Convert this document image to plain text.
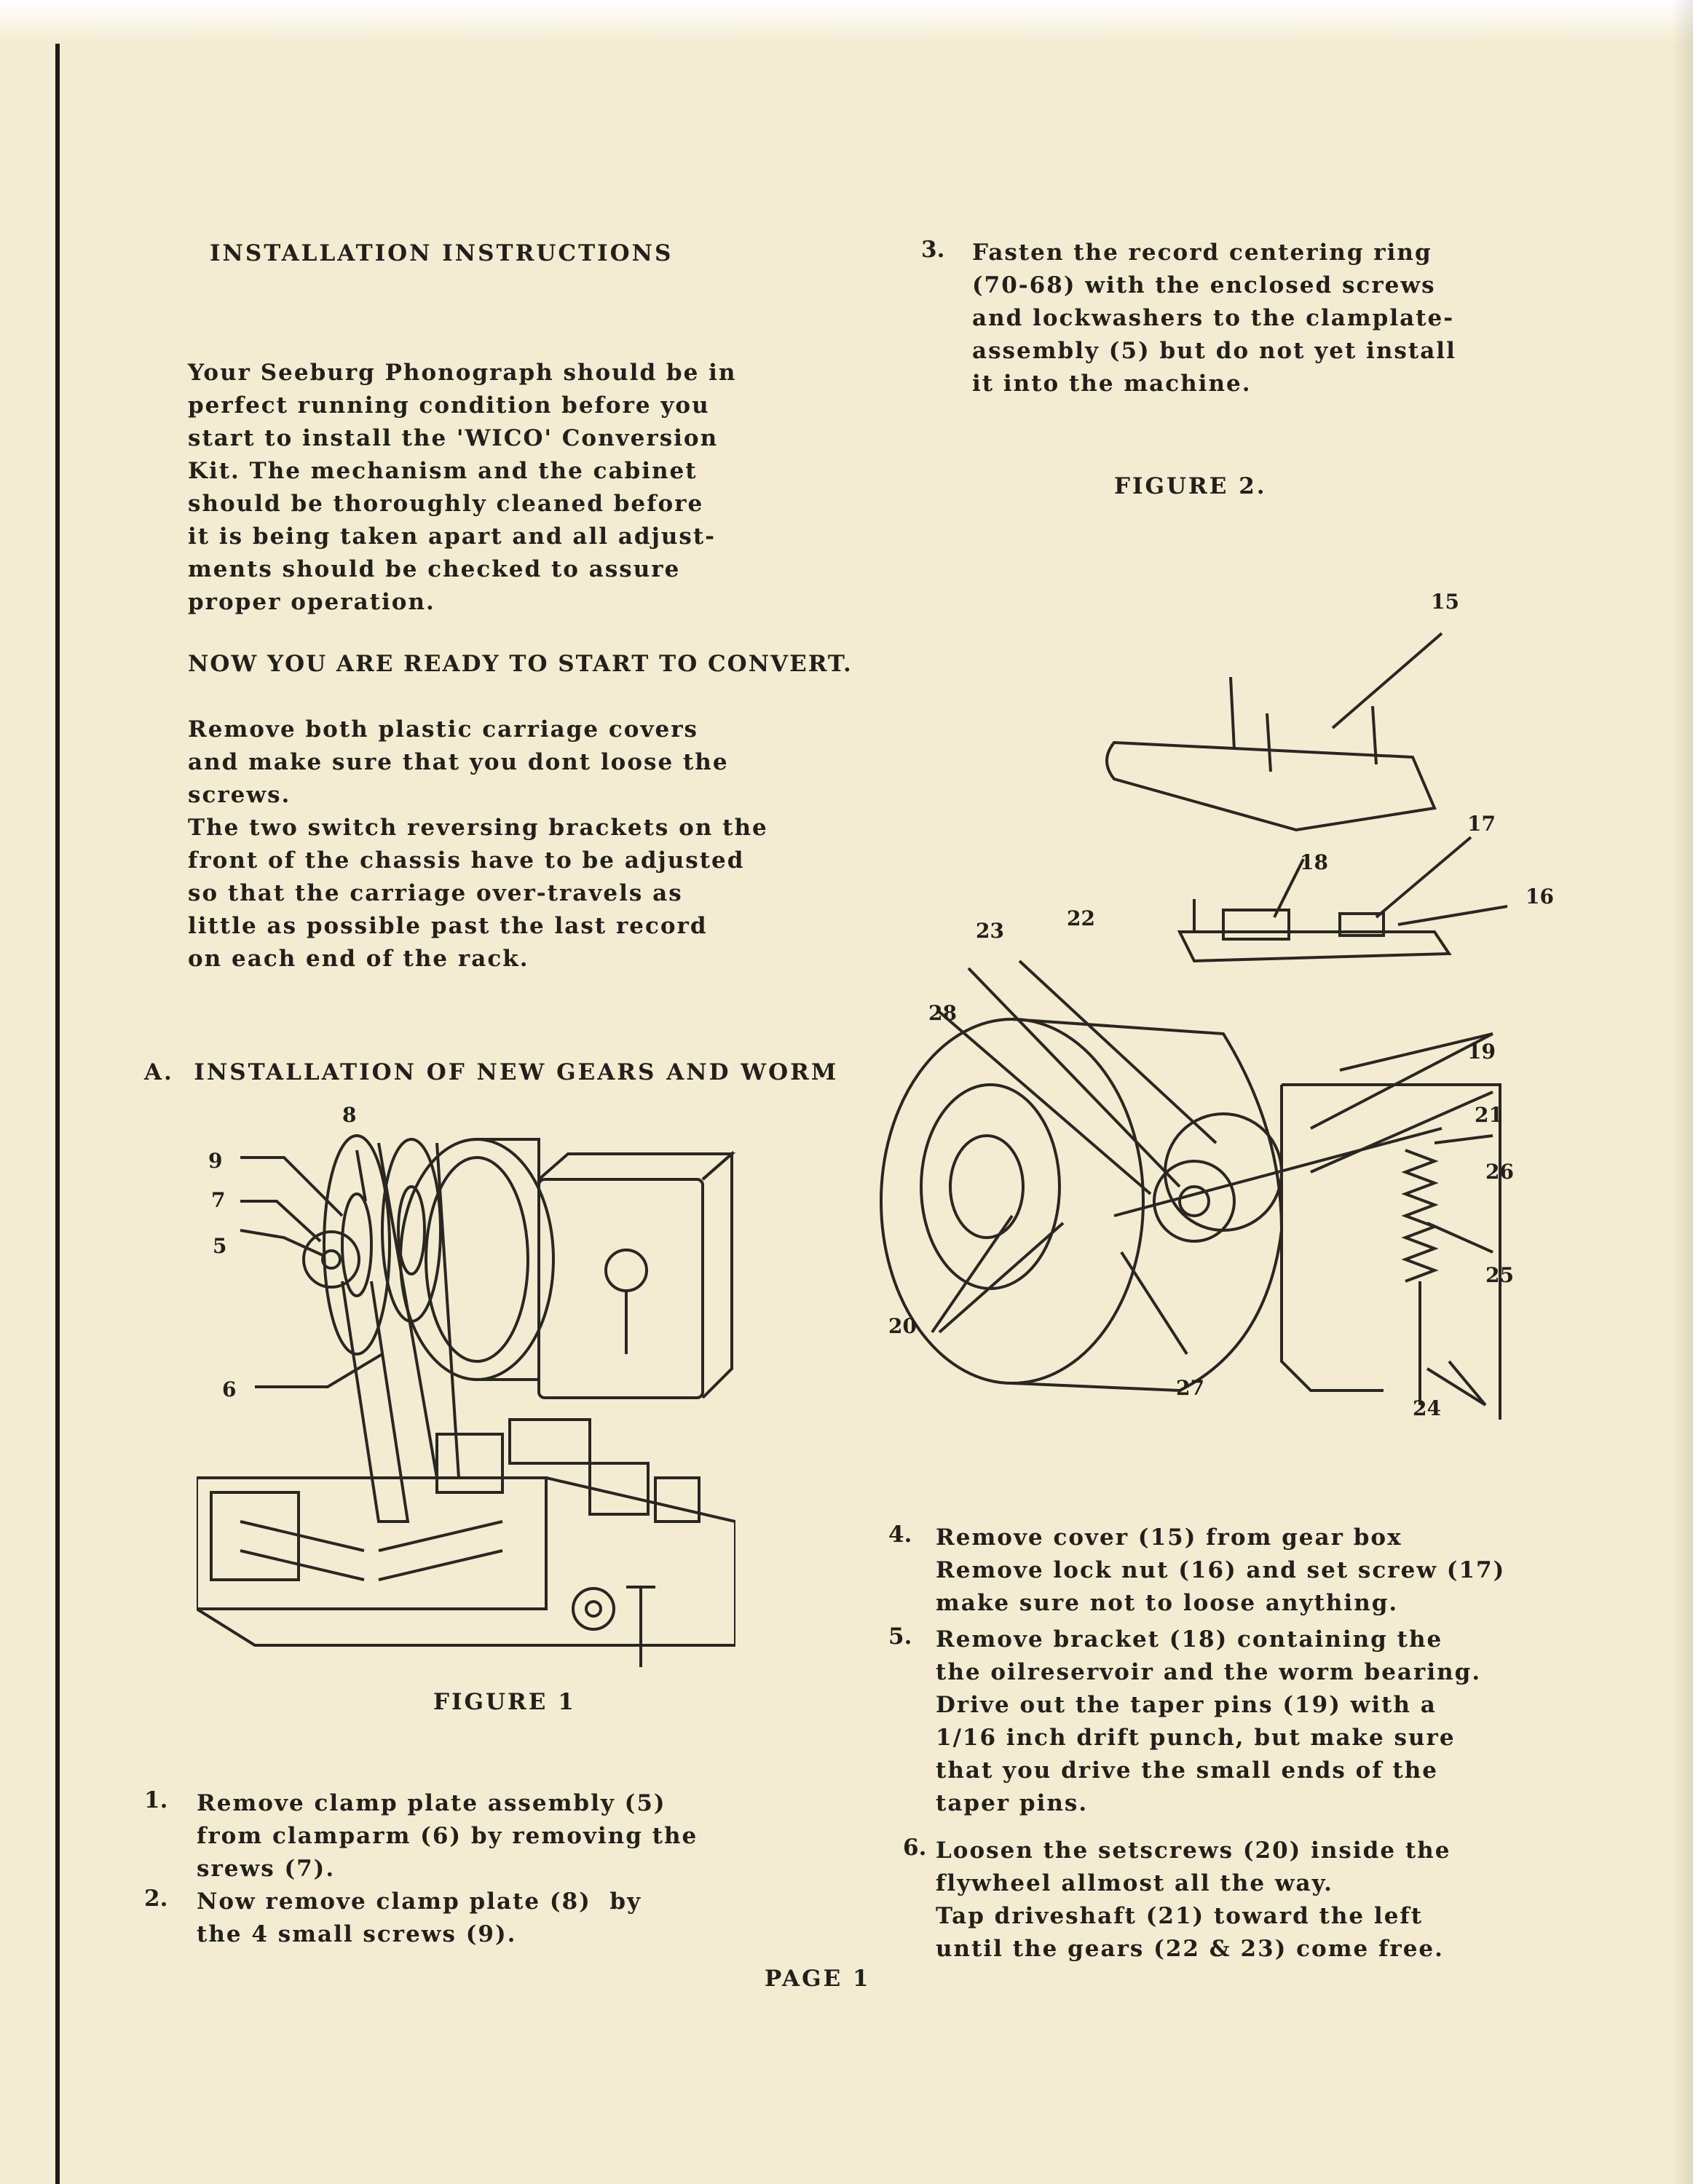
INSTALLATION INSTRUCTIONS

Your Seeburg Phonograph should be in
perfect running condition before you
start to install the 'WICO' Conversion
Kit. The mechanism and the cabinet
should be thoroughly cleaned before
it is being taken apart and all adjust-
ments should be checked to assure
proper operation.

NOW YOU ARE READY TO START TO CONVERT.

Remove both plastic carriage covers
and make sure that you dont loose the
screws.
The two switch reversing brackets on the
front of the chassis have to be adjusted
so that the carriage over-travels as
little as possible past the last record
on each end of the rack.

A.  INSTALLATION OF NEW GEARS AND WORM
8
9
7
5
6
FIGURE 1
1. Remove clamp plate assembly (5)
from clamparm (6) by removing the
srews (7).

2. Now remove clamp plate (8)  by
the 4 small screws (9).

PAGE 1
3. Fasten the record centering ring
(70-68) with the enclosed screws
and lockwashers to the clamplate-
assembly (5) but do not yet install
it into the machine.

FIGURE 2.
15
17
16
18
22
23
28
19
21
26
25
20
27
24
4. Remove cover (15) from gear box
Remove lock nut (16) and set screw (17)
make sure not to loose anything.

5. Remove bracket (18) containing the
the oilreservoir and the worm bearing.
Drive out the taper pins (19) with a
1/16 inch drift punch, but make sure
that you drive the small ends of the
taper pins.

6. Loosen the setscrews (20) inside the
flywheel allmost all the way.
Tap driveshaft (21) toward the left
until the gears (22 & 23) come free.
